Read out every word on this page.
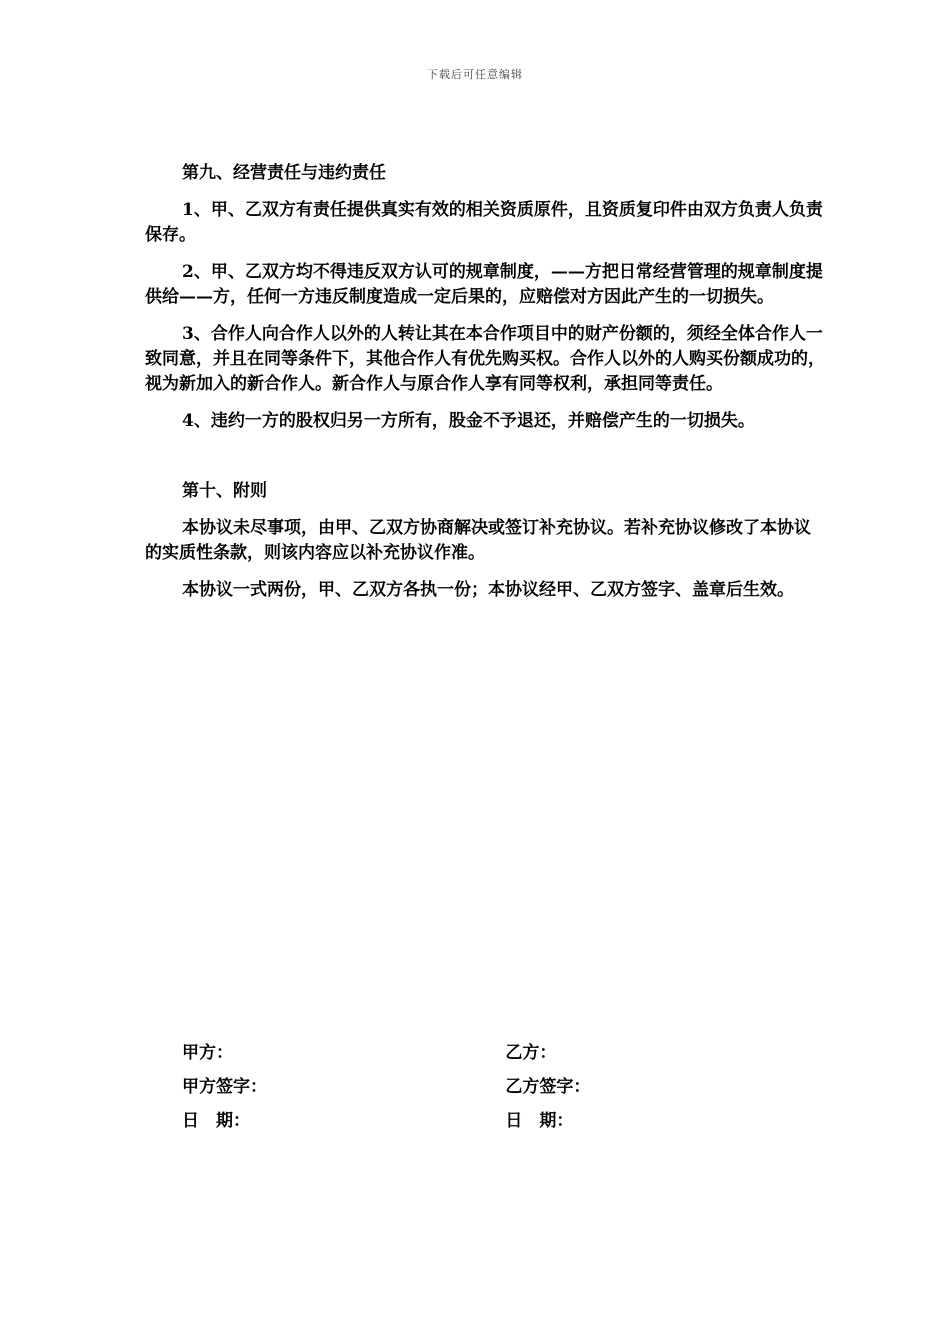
下载后可任意编辑

第九、经营责任与违约责任

1、甲、乙双方有责任提供真实有效的相关资质原件，且资质复印件由双方负责人负责保存。

2、甲、乙双方均不得违反双方认可的规章制度，——方把日常经营管理的规章制度提供给——方，任何一方违反制度造成一定后果的，应赔偿对方因此产生的一切损失。

3、合作人向合作人以外的人转让其在本合作项目中的财产份额的，须经全体合作人一致同意，并且在同等条件下，其他合作人有优先购买权。合作人以外的人购买份额成功的，视为新加入的新合作人。新合作人与原合作人享有同等权利，承担同等责任。

4、违约一方的股权归另一方所有，股金不予退还，并赔偿产生的一切损失。

第十、附则

本协议未尽事项，由甲、乙双方协商解决或签订补充协议。若补充协议修改了本协议的实质性条款，则该内容应以补充协议作准。

本协议一式两份，甲、乙双方各执一份；本协议经甲、乙双方签字、盖章后生效。

甲方：	乙方：
甲方签字：	乙方签字：
日　期：	日　期：
